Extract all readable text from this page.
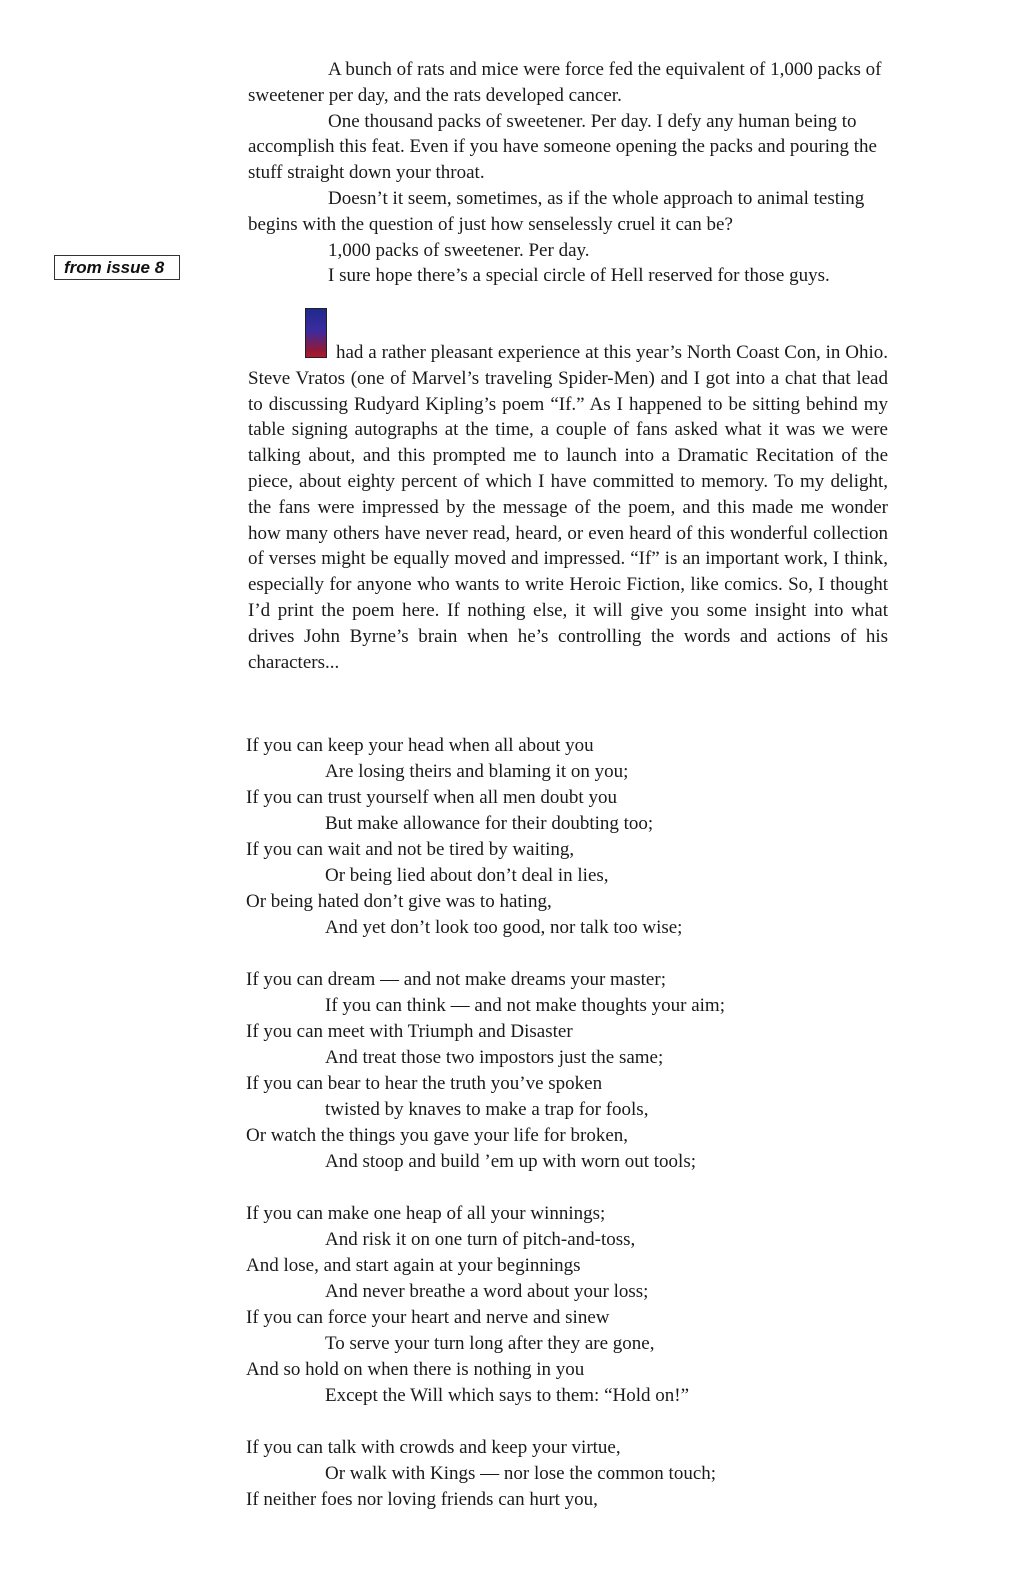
from issue 8

A bunch of rats and mice were force fed the equivalent of 1,000 packs of sweetener per day, and the rats developed cancer.

One thousand packs of sweetener. Per day. I defy any human being to accomplish this feat. Even if you have someone opening the packs and pouring the stuff straight down your throat.

Doesn’t it seem, sometimes, as if the whole approach to animal testing begins with the question of just how senselessly cruel it can be?

1,000 packs of sweetener. Per day.

I sure hope there’s a special circle of Hell reserved for those guys.

had a rather pleasant experience at this year’s North Coast Con, in Ohio. Steve Vratos (one of Marvel’s traveling Spider-Men) and I got into a chat that lead to discussing Rudyard Kipling’s poem “If.” As I happened to be sitting behind my table signing autographs at the time, a couple of fans asked what it was we were talking about, and this prompted me to launch into a Dramatic Recitation of the piece, about eighty percent of which I have committed to memory. To my delight, the fans were impressed by the message of the poem, and this made me wonder how many others have never read, heard, or even heard of this wonderful collection of verses might be equally moved and impressed. “If” is an important work, I think, especially for anyone who wants to write Heroic Fiction, like comics. So, I thought I’d print the poem here. If nothing else, it will give you some insight into what drives John Byrne’s brain when he’s controlling the words and actions of his characters...

If you can keep your head when all about you

Are losing theirs and blaming it on you;

If you can trust yourself when all men doubt you

But make allowance for their doubting too;

If you can wait and not be tired by waiting,

Or being lied about don’t deal in lies,

Or being hated don’t give was to hating,

And yet don’t look too good, nor talk too wise;

If you can dream — and not make dreams your master;

If you can think — and not make thoughts your aim;

If you can meet with Triumph and Disaster

And treat those two impostors just the same;

If you can bear to hear the truth you’ve spoken

twisted by knaves to make a trap for fools,

Or watch the things you gave your life for broken,

And stoop and build ’em up with worn out tools;

If you can make one heap of all your winnings;

And risk it on one turn of pitch-and-toss,

And lose, and start again at your beginnings

And never breathe a word about your loss;

If you can force your heart and nerve and sinew

To serve your turn long after they are gone,

And so hold on when there is nothing in you

Except the Will which says to them: “Hold on!”

If you can talk with crowds and keep your virtue,

Or walk with Kings — nor lose the common touch;

If neither foes nor loving friends can hurt you,
